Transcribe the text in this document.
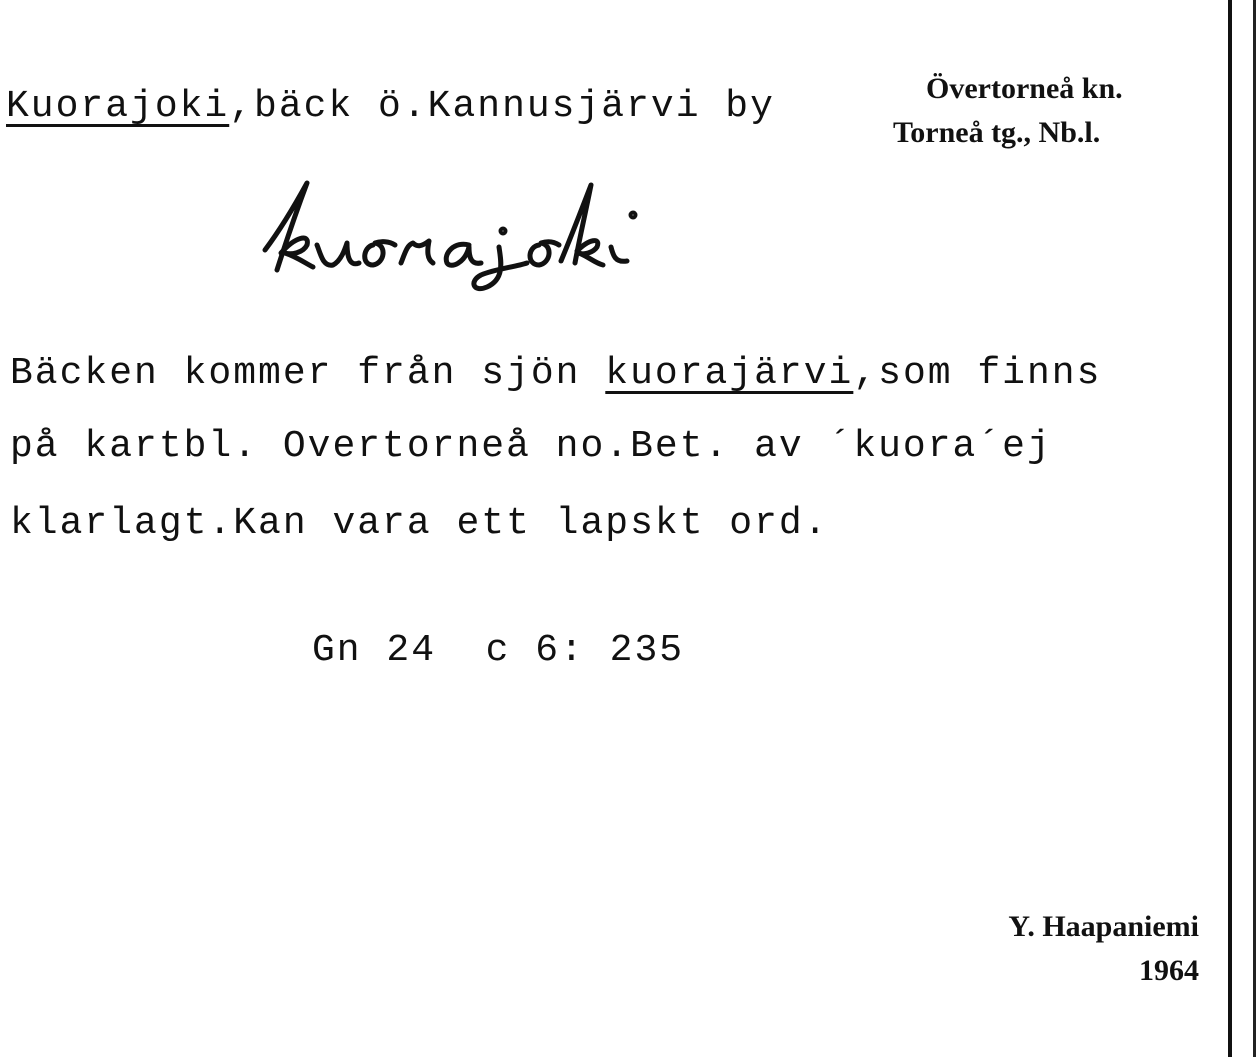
Kuorajoki,bäck ö.Kannusjärvi by	Övertorneå kn.
Torneå tg., Nb.l.
Bäcken kommer från sjön kuorajärvi,som finns
på kartbl. Overtorneå no.Bet. av ´kuora´ej
klarlagt.Kan vara ett lapskt ord.
Gn 24  c 6: 235
Y. Haapaniemi
1964
